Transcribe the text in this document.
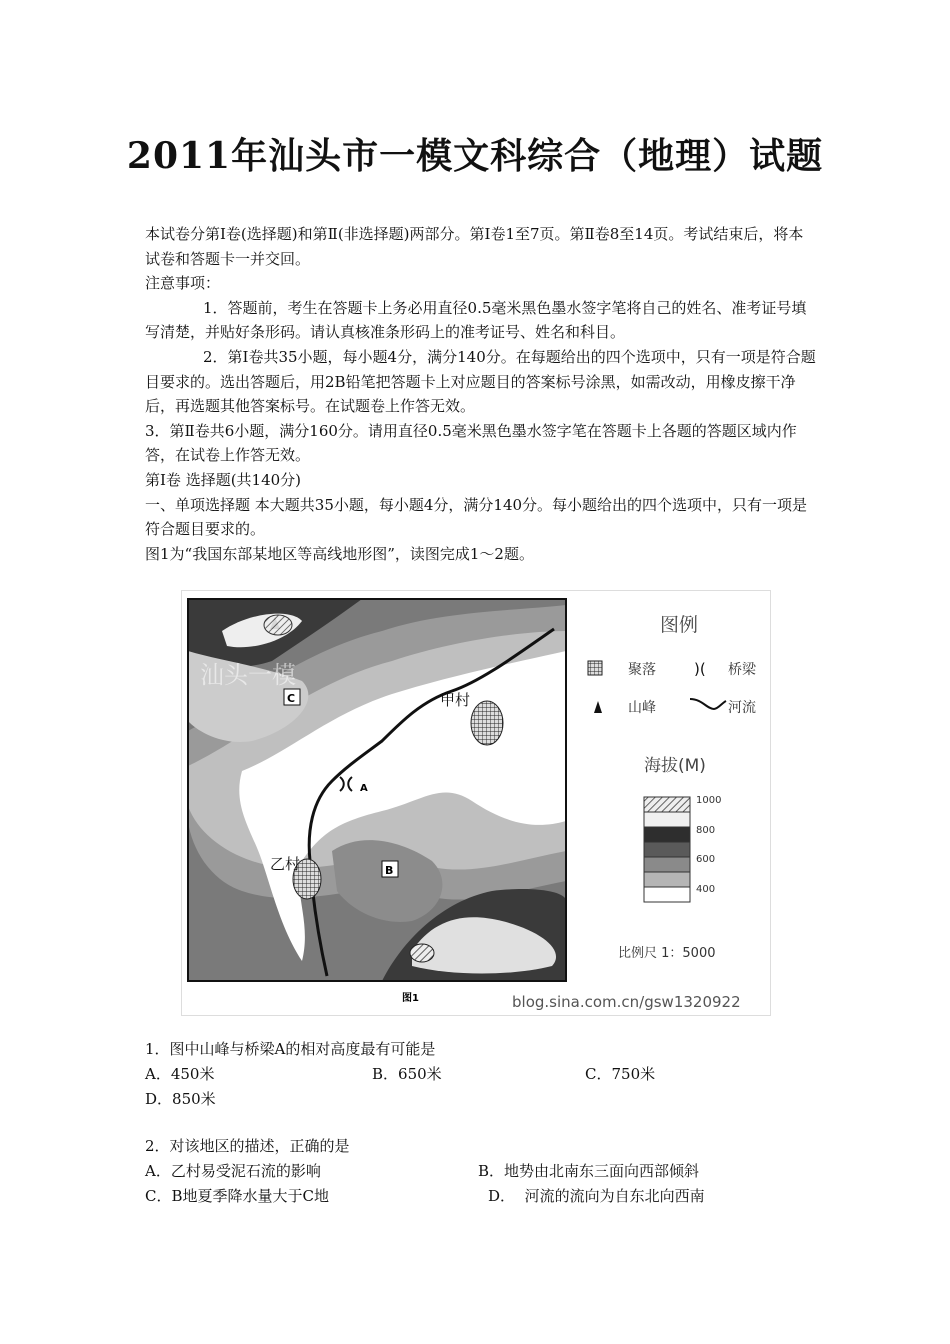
2011年汕头市一模文科综合（地理）试题

本试卷分第Ⅰ卷(选择题)和第Ⅱ(非选择题)两部分。第Ⅰ卷1至7页。第Ⅱ卷8至14页。考试结束后，将本试卷和答题卡一并交回。

注意事项：

1．答题前，考生在答题卡上务必用直径0.5毫米黑色墨水签字笔将自己的姓名、准考证号填写清楚，并贴好条形码。请认真核准条形码上的准考证号、姓名和科目。

2．第Ⅰ卷共35小题，每小题4分，满分140分。在每题给出的四个选项中，只有一项是符合题目要求的。选出答题后，用2B铅笔把答题卡上对应题目的答案标号涂黑，如需改动，用橡皮擦干净后，再选题其他答案标号。在试题卷上作答无效。

3．第Ⅱ卷共6小题，满分160分。请用直径0.5毫米黑色墨水签字笔在答题卡上各题的答题区域内作答，在试卷上作答无效。

第Ⅰ卷 选择题(共140分)

一、单项选择题 本大题共35小题，每小题4分，满分140分。每小题给出的四个选项中，只有一项是符合题目要求的。

图1为“我国东部某地区等高线地形图”，读图完成1～2题。

A
甲村
乙村	B
C
汕头一模
图1
图例
聚落	)( 桥梁
山峰	河流
海拔(M)
1000
800
600
400
比例尺 1：5000
blog.sina.com.cn/gsw1320922
1．图中山峰与桥梁A的相对高度最有可能是
A．450米	B．650米	C．750米
D．850米
2．对该地区的描述，正确的是
A．乙村易受泥石流的影响	B．地势由北南东三面向西部倾斜
C．B地夏季降水量大于C地	D．  河流的流向为自东北向西南
